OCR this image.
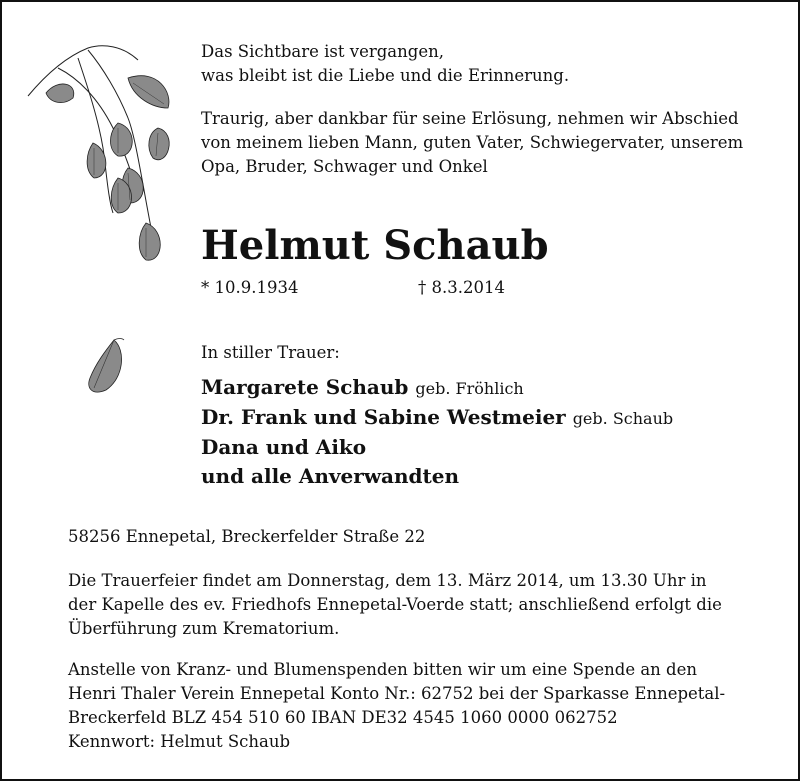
Das Sichtbare ist vergangen,
was bleibt ist die Liebe und die Erinnerung.

Traurig, aber dankbar für seine Erlösung, nehmen wir Abschied
von meinem lieben Mann, guten Vater, Schwiegervater, unserem
Opa, Bruder, Schwager und Onkel

Helmut Schaub
* 10.9.1934	† 8.3.2014
In stiller Trauer:
Margarete Schaub geb. Fröhlich
Dr. Frank und Sabine Westmeier geb. Schaub
Dana und Aiko
und alle Anverwandten
58256 Ennepetal, Breckerfelder Straße 22

Die Trauerfeier findet am Donnerstag, dem 13. März 2014, um 13.30 Uhr in
der Kapelle des ev. Friedhofs Ennepetal-Voerde statt; anschließend erfolgt die
Überführung zum Krematorium.

Anstelle von Kranz- und Blumenspenden bitten wir um eine Spende an den
Henri Thaler Verein Ennepetal Konto Nr.: 62752 bei der Sparkasse Ennepetal-
Breckerfeld BLZ 454 510 60 IBAN DE32 4545 1060 0000 062752
Kennwort: Helmut Schaub
